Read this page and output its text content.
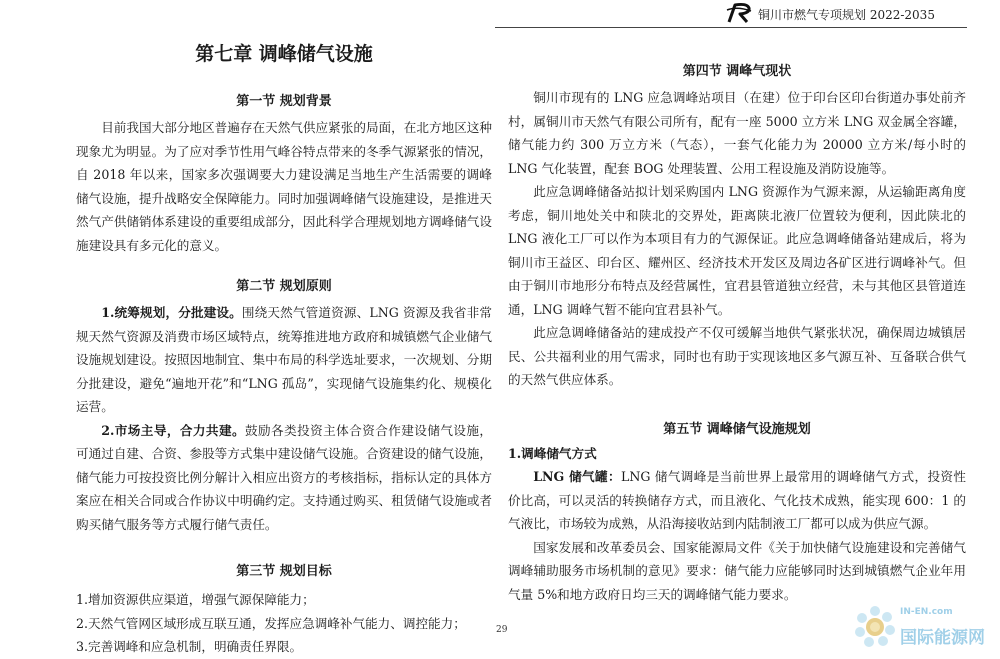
铜川市燃气专项规划 2022-2035
第七章 调峰储气设施
第一节 规划背景

目前我国大部分地区普遍存在天然气供应紧张的局面，在北方地区这种现象尤为明显。为了应对季节性用气峰谷特点带来的冬季气源紧张的情况，自 2018 年以来，国家多次强调要大力建设满足当地生产生活需要的调峰储气设施，提升战略安全保障能力。同时加强调峰储气设施建设，是推进天然气产供储销体系建设的重要组成部分，因此科学合理规划地方调峰储气设施建设具有多元化的意义。

第二节 规划原则

1.统筹规划，分批建设。围绕天然气管道资源、LNG 资源及我省非常规天然气资源及消费市场区域特点，统筹推进地方政府和城镇燃气企业储气设施规划建设。按照因地制宜、集中布局的科学选址要求，一次规划、分期分批建设，避免“遍地开花”和“LNG 孤岛”，实现储气设施集约化、规模化运营。

2.市场主导，合力共建。鼓励各类投资主体合资合作建设储气设施，可通过自建、合资、参股等方式集中建设储气设施。合资建设的储气设施，储气能力可按投资比例分解计入相应出资方的考核指标，指标认定的具体方案应在相关合同或合作协议中明确约定。支持通过购买、租赁储气设施或者购买储气服务等方式履行储气责任。

第三节 规划目标

1.增加资源供应渠道，增强气源保障能力；

2.天然气管网区域形成互联互通，发挥应急调峰补气能力、调控能力；

3.完善调峰和应急机制，明确责任界限。

第四节 调峰气现状

铜川市现有的 LNG 应急调峰站项目（在建）位于印台区印台街道办事处前齐村，属铜川市天然气有限公司所有，配有一座 5000 立方米 LNG 双金属全容罐，储气能力约 300 万立方米（气态），一套气化能力为 20000 立方米/每小时的 LNG 气化装置，配套 BOG 处理装置、公用工程设施及消防设施等。

此应急调峰储备站拟计划采购国内 LNG 资源作为气源来源，从运输距离角度考虑，铜川地处关中和陕北的交界处，距离陕北液厂位置较为便利，因此陕北的 LNG 液化工厂可以作为本项目有力的气源保证。此应急调峰储备站建成后，将为铜川市王益区、印台区、耀州区、经济技术开发区及周边各矿区进行调峰补气。但由于铜川市地形分布特点及经营属性，宜君县管道独立经营，未与其他区县管道连通，LNG 调峰气暂不能向宜君县补气。

此应急调峰储备站的建成投产不仅可缓解当地供气紧张状况，确保周边城镇居民、公共福利业的用气需求，同时也有助于实现该地区多气源互补、互备联合供气的天然气供应体系。

第五节 调峰储气设施规划

1.调峰储气方式

LNG 储气罐：LNG 储气调峰是当前世界上最常用的调峰储气方式，投资性价比高，可以灵活的转换储存方式，而且液化、气化技术成熟，能实现 600：1 的气液比，市场较为成熟，从沿海接收站到内陆制液工厂都可以成为供应气源。

国家发展和改革委员会、国家能源局文件《关于加快储气设施建设和完善储气调峰辅助服务市场机制的意见》要求：储气能力应能够同时达到城镇燃气企业年用气量 5%和地方政府日均三天的调峰储气能力要求。

29
IN-EN.com
国际能源网
